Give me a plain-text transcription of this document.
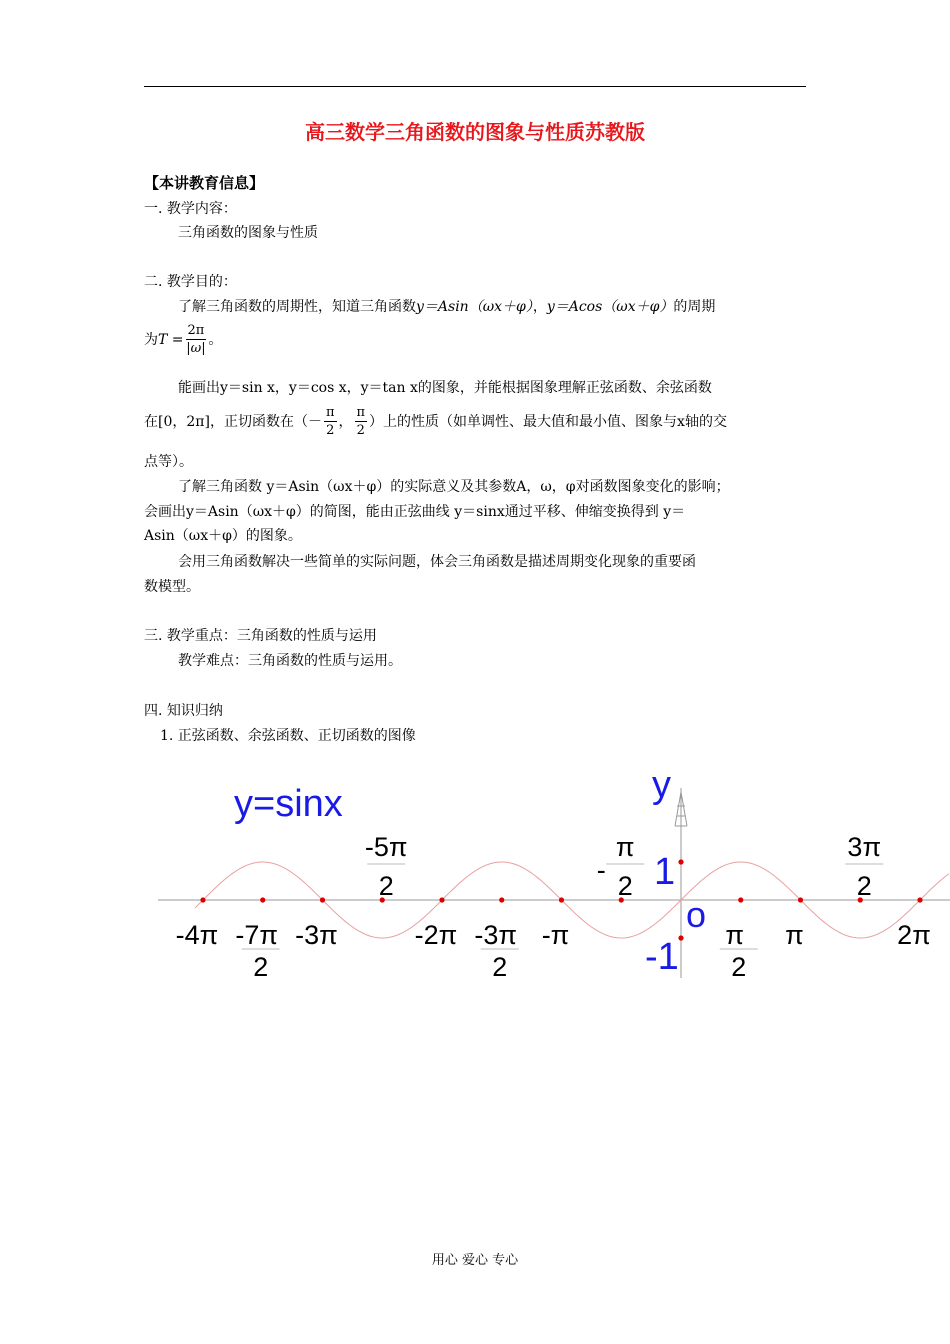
高三数学三角函数的图象与性质苏教版
【本讲教育信息】
一. 教学内容：
三角函数的图象与性质
二. 教学目的：
了解三角函数的周期性，知道三角函数y＝Asin（ωx＋φ），y＝Acos（ωx＋φ）的周期
为$T = \frac{2\pi}{|\omega|}$ 。
能画出y＝sin x，y＝cos x，y＝tan x的图象，并能根据图象理解正弦函数、余弦函数
在[0，2π]，正切函数在（－ $\frac{\pi}{2}$ ， $\frac{\pi}{2}$ ）上的性质（如单调性、最大值和最小值、图象与x轴的交
点等）。
了解三角函数 y＝Asin（ωx＋φ）的实际意义及其参数A，ω，φ对函数图象变化的影响；
会画出y＝Asin（ωx＋φ）的简图，能由正弦曲线 y＝sinx通过平移、伸缩变换得到 y＝
Asin（ωx＋φ）的图象。
会用三角函数解决一些简单的实际问题，体会三角函数是描述周期变化现象的重要函
数模型。
三. 教学重点：三角函数的性质与运用
教学难点：三角函数的性质与运用。
四. 知识归纳
1. 正弦函数、余弦函数、正切函数的图像
-4π -7π
2
-3π	-2π -3π
2
-π	π
2
π	2π
-5π
2
π
2
-
3π
2
y=sinx	y
o
1
-1
用心 爱心 专心
